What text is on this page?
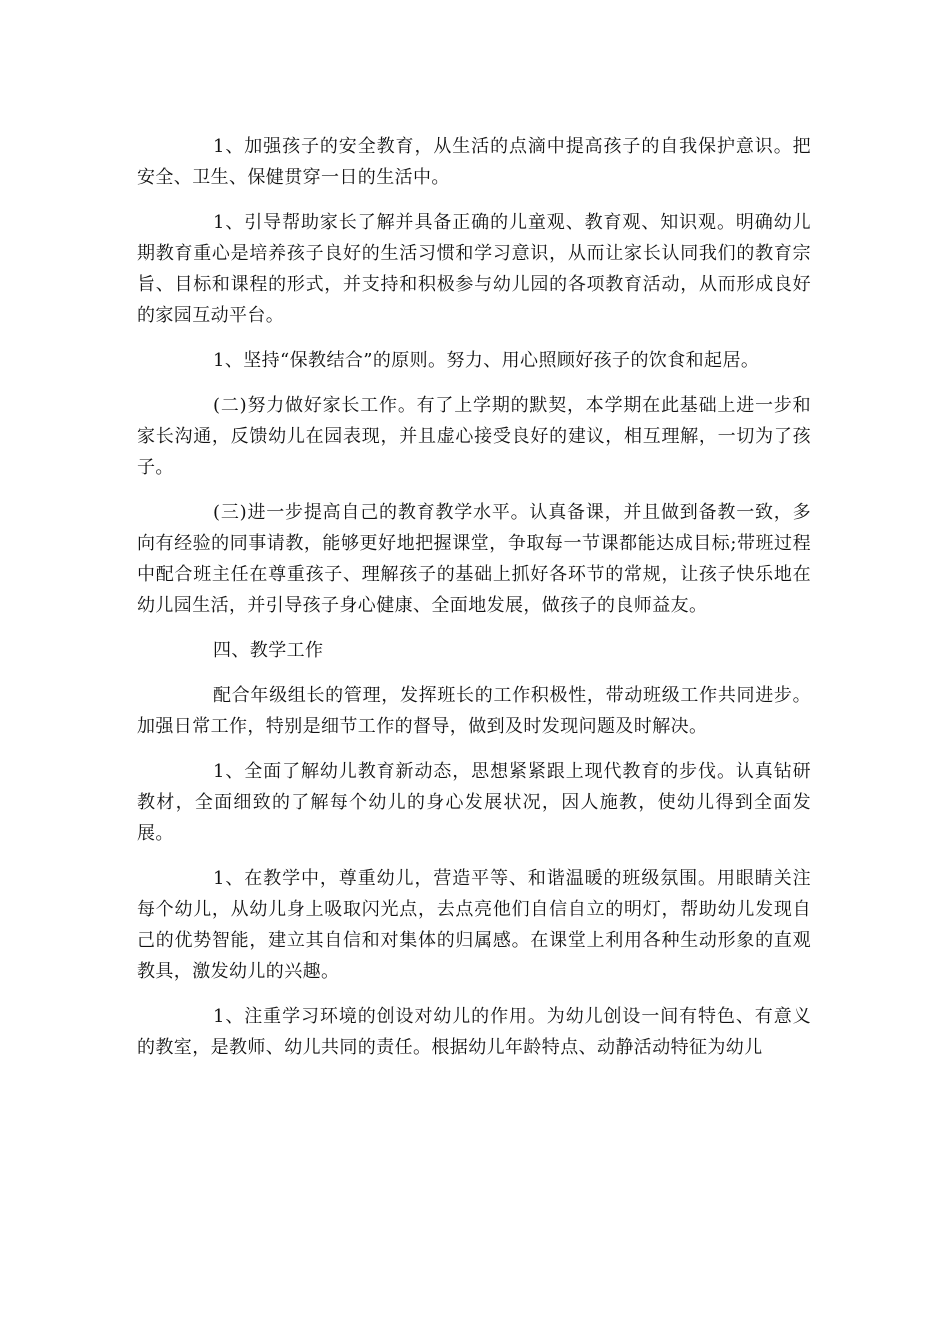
1、加强孩子的安全教育，从生活的点滴中提高孩子的自我保护意识。把安全、卫生、保健贯穿一日的生活中。

1、引导帮助家长了解并具备正确的儿童观、教育观、知识观。明确幼儿期教育重心是培养孩子良好的生活习惯和学习意识，从而让家长认同我们的教育宗旨、目标和课程的形式，并支持和积极参与幼儿园的各项教育活动，从而形成良好的家园互动平台。

1、坚持“保教结合”的原则。努力、用心照顾好孩子的饮食和起居。

(二)努力做好家长工作。有了上学期的默契，本学期在此基础上进一步和家长沟通，反馈幼儿在园表现，并且虚心接受良好的建议，相互理解，一切为了孩子。

(三)进一步提高自己的教育教学水平。认真备课，并且做到备教一致，多向有经验的同事请教，能够更好地把握课堂，争取每一节课都能达成目标;带班过程中配合班主任在尊重孩子、理解孩子的基础上抓好各环节的常规，让孩子快乐地在幼儿园生活，并引导孩子身心健康、全面地发展，做孩子的良师益友。

四、教学工作

配合年级组长的管理，发挥班长的工作积极性，带动班级工作共同进步。加强日常工作，特别是细节工作的督导，做到及时发现问题及时解决。

1、全面了解幼儿教育新动态，思想紧紧跟上现代教育的步伐。认真钻研教材，全面细致的了解每个幼儿的身心发展状况，因人施教，使幼儿得到全面发展。

1、在教学中，尊重幼儿，营造平等、和谐温暖的班级氛围。用眼睛关注每个幼儿，从幼儿身上吸取闪光点，去点亮他们自信自立的明灯，帮助幼儿发现自己的优势智能，建立其自信和对集体的归属感。在课堂上利用各种生动形象的直观教具，激发幼儿的兴趣。

1、注重学习环境的创设对幼儿的作用。为幼儿创设一间有特色、有意义的教室，是教师、幼儿共同的责任。根据幼儿年龄特点、动静活动特征为幼儿
